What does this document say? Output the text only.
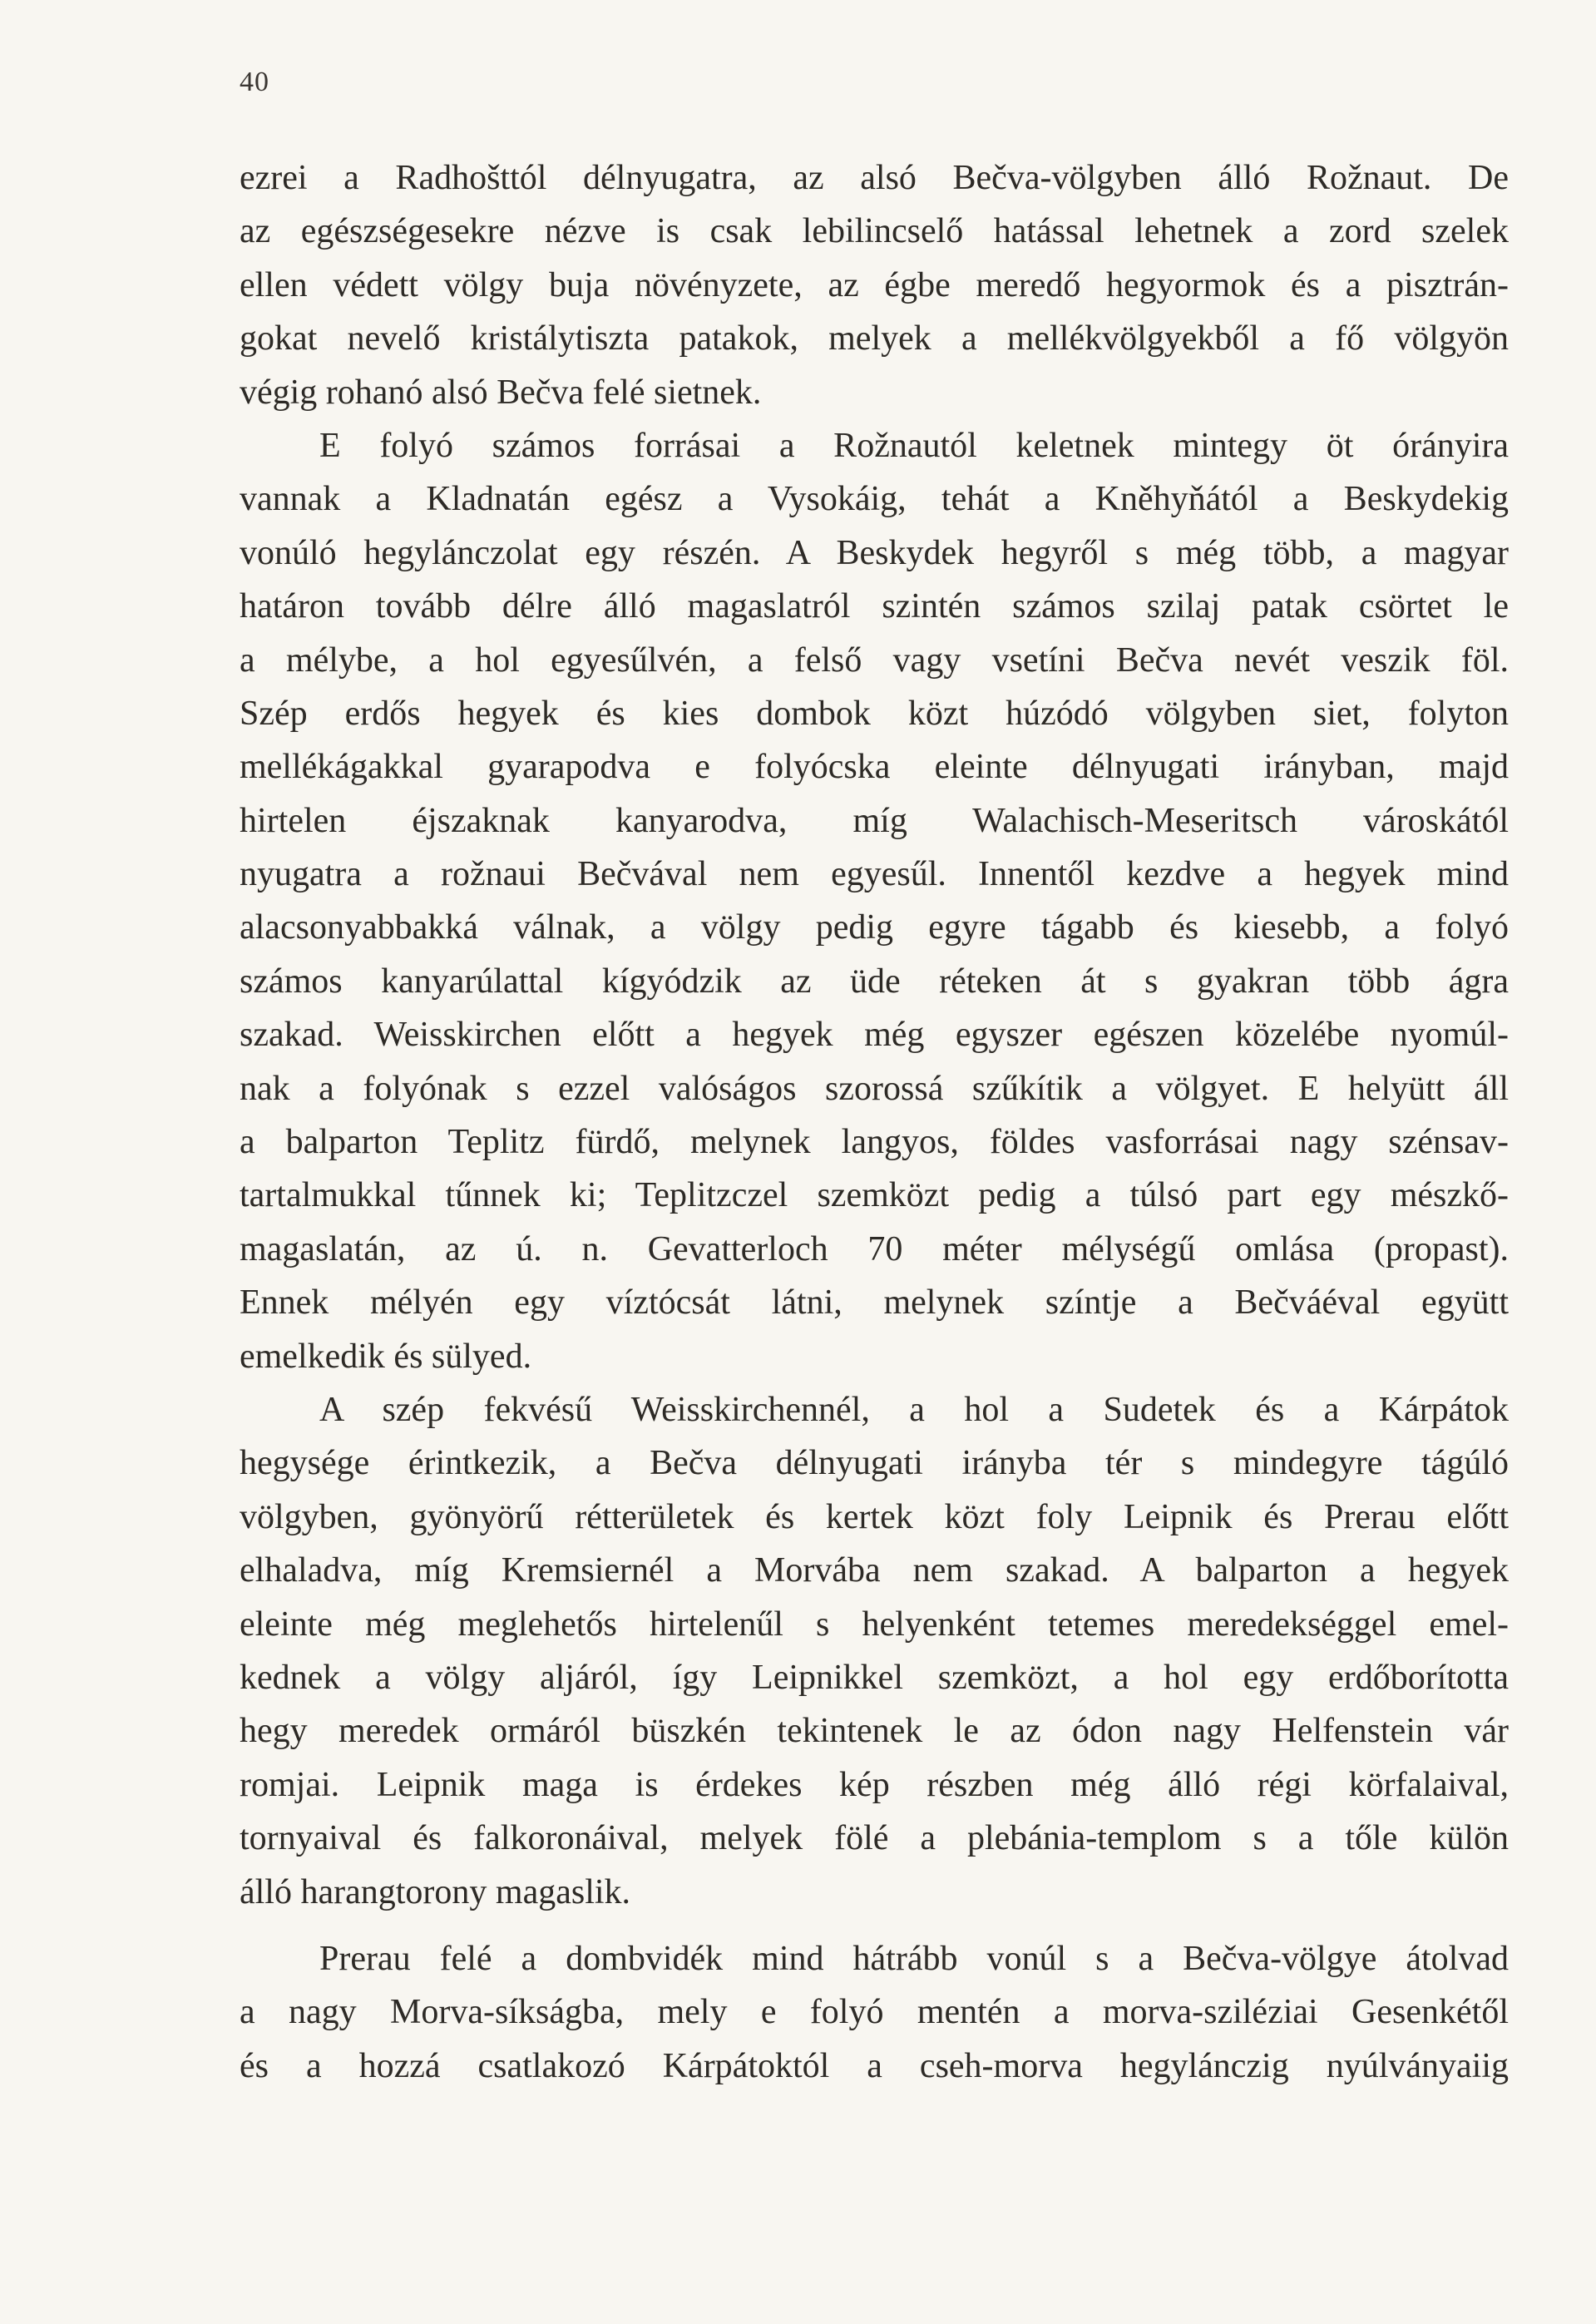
40
ezrei a Radhošttól délnyugatra, az alsó Bečva-völgyben álló Rožnaut. De
az egészségesekre nézve is csak lebilincselő hatással lehetnek a zord szelek
ellen védett völgy buja növényzete, az égbe meredő hegyormok és a pisztrán-
gokat nevelő kristálytiszta patakok, melyek a mellékvölgyekből a fő völgyön
végig rohanó alsó Bečva felé sietnek.
E folyó számos forrásai a Rožnautól keletnek mintegy öt órányira
vannak a Kladnatán egész a Vysokáig, tehát a Kněhyňától a Beskydekig
vonúló hegylánczolat egy részén. A Beskydek hegyről s még több, a magyar
határon tovább délre álló magaslatról szintén számos szilaj patak csörtet le
a mélybe, a hol egyesűlvén, a felső vagy vsetíni Bečva nevét veszik föl.
Szép erdős hegyek és kies dombok közt húzódó völgyben siet, folyton
mellékágakkal gyarapodva e folyócska eleinte délnyugati irányban, majd
hirtelen éjszaknak kanyarodva, míg Walachisch-Meseritsch városkától
nyugatra a rožnaui Bečvával nem egyesűl. Innentől kezdve a hegyek mind
alacsonyabbakká válnak, a völgy pedig egyre tágabb és kiesebb, a folyó
számos kanyarúlattal kígyódzik az üde réteken át s gyakran több ágra
szakad. Weisskirchen előtt a hegyek még egyszer egészen közelébe nyomúl-
nak a folyónak s ezzel valóságos szorossá szűkítik a völgyet. E helyütt áll
a balparton Teplitz fürdő, melynek langyos, földes vasforrásai nagy szénsav-
tartalmukkal tűnnek ki; Teplitzczel szemközt pedig a túlsó part egy mészkő-
magaslatán, az ú. n. Gevatterloch 70 méter mélységű omlása (propast).
Ennek mélyén egy víztócsát látni, melynek színtje a Bečváéval együtt
emelkedik és sülyed.
A szép fekvésű Weisskirchennél, a hol a Sudetek és a Kárpátok
hegysége érintkezik, a Bečva délnyugati irányba tér s mindegyre tágúló
völgyben, gyönyörű rétterületek és kertek közt foly Leipnik és Prerau előtt
elhaladva, míg Kremsiernél a Morvába nem szakad. A balparton a hegyek
eleinte még meglehetős hirtelenűl s helyenként tetemes meredekséggel emel-
kednek a völgy aljáról, így Leipnikkel szemközt, a hol egy erdőborította
hegy meredek ormáról büszkén tekintenek le az ódon nagy Helfenstein vár
romjai. Leipnik maga is érdekes kép részben még álló régi körfalaival,
tornyaival és falkoronáival, melyek fölé a plebánia-templom s a tőle külön
álló harangtorony magaslik.
Prerau felé a dombvidék mind hátrább vonúl s a Bečva-völgye átolvad
a nagy Morva-síkságba, mely e folyó mentén a morva-sziléziai Gesenkétől
és a hozzá csatlakozó Kárpátoktól a cseh-morva hegylánczig nyúlványaiig
